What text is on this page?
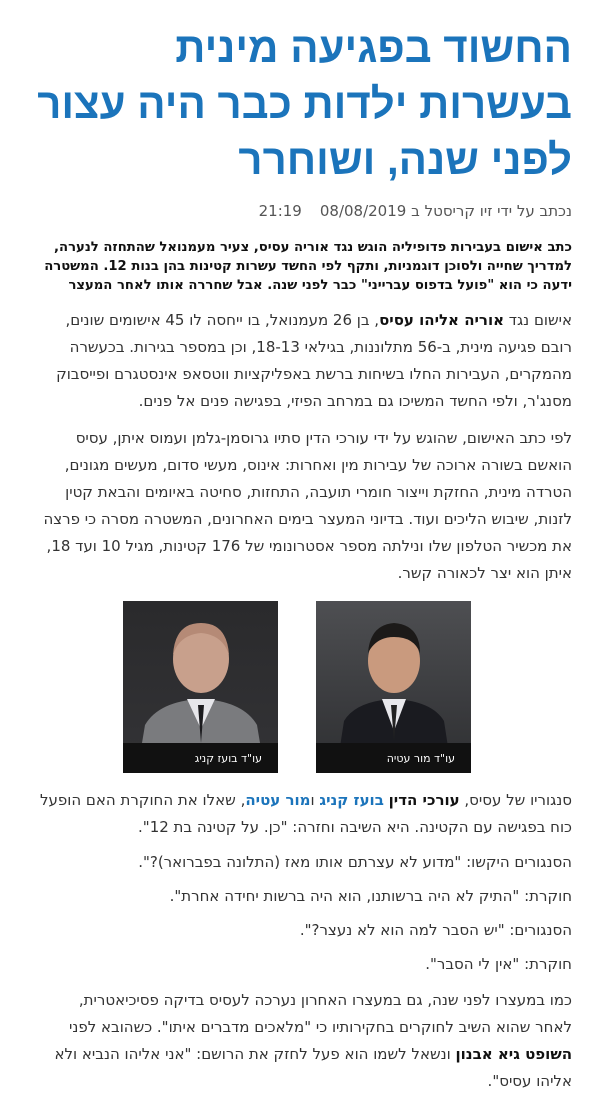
החשוד בפגיעה מינית
בעשרות ילדות כבר היה עצור
לפני שנה, ושוחרר
נכתב על ידי זיו קריסטל ב 08/08/2019
21:19

כתב אישום בעבירות פדופיליה הוגש נגד אוריה עסיס, צעיר מעמנואל שהתחזה לנערה, למדריך שחייה ולסוכן דוגמניות, ותקף לפי החשד עשרות קטינות בהן בנות 12. המשטרה ידעה כי הוא "פועל בדפוס עברייני" כבר לפני שנה. אבל שחררה אותו לאחר המעצר

אישום נגד אוריה אליהו עסיס, בן 26 מעמנואל, בו ייחסה לו 45 אישומים שונים, רובם פגיעה מינית, ב-56 מתלוננות, בגילאי 18-13, וכן במספר בגירות. בכעשרה מהמקרים, העבירות החלו בשיחות ברשת באפליקציות ווטסאפ אינסטגרם ופייסבוק מסנג'ר, ולפי החשד המשיכו גם במרחב הפיזי, בפגישה פנים אל פנים.

לפי כתב האישום, שהוגש על ידי עורכי הדין סתיו גרוסמן-גלמן ועמוס איתן, עסיס הואשם בשורה ארוכה של עבירות מין ואחרות: אינוס, מעשי סדום, מעשים מגונים, הטרדה מינית, החזקת וייצור חומרי תועבה, התחזות, סחיטה באיומים והבאת קטין לזנות, שיבוש הליכים ועוד. בדיוני המעצר בימים האחרונים, המשטרה מסרה כי פרצה את מכשיר הטלפון שלו ונילתה מספר אסטרונומי של 176 קטינות, מגיל 10 ועד 18, איתן הוא יצר לכאורה קשר.

עו"ד מור עטיה
עו"ד בועז קניג

סנגוריו של עסיס, עורכי הדין בועז קניג ומור עטיה, שאלו את החוקרת האם הופעל כוח בפגישה עם הקטינה. היא השיבה וחזרה: "כן. על קטינה בת 12".

הסנגורים היקשו: "מדוע לא עצרתם אותו מאז (התלונה בפברואר)?".

חוקרת: "התיק לא היה ברשותנו, הוא היה ברשות יחידה אחרת".

הסנגורים: "יש הסבר למה הוא לא נעצר?".

חוקרת: "אין לי הסבר".

כמו במעצרו לפני שנה, גם במעצרו האחרון נערכה לעסיס בדיקה פסיכיאטרית, לאחר שהוא השיב לחוקרים בחקירותיו כי "מלאכים מדברים איתו". כשהובא לפני השופט גיא אבנון ונשאל לשמו הוא פעל לחזק את הרושם: "אני אליהו הנביא ולא אליהו עסיס".
